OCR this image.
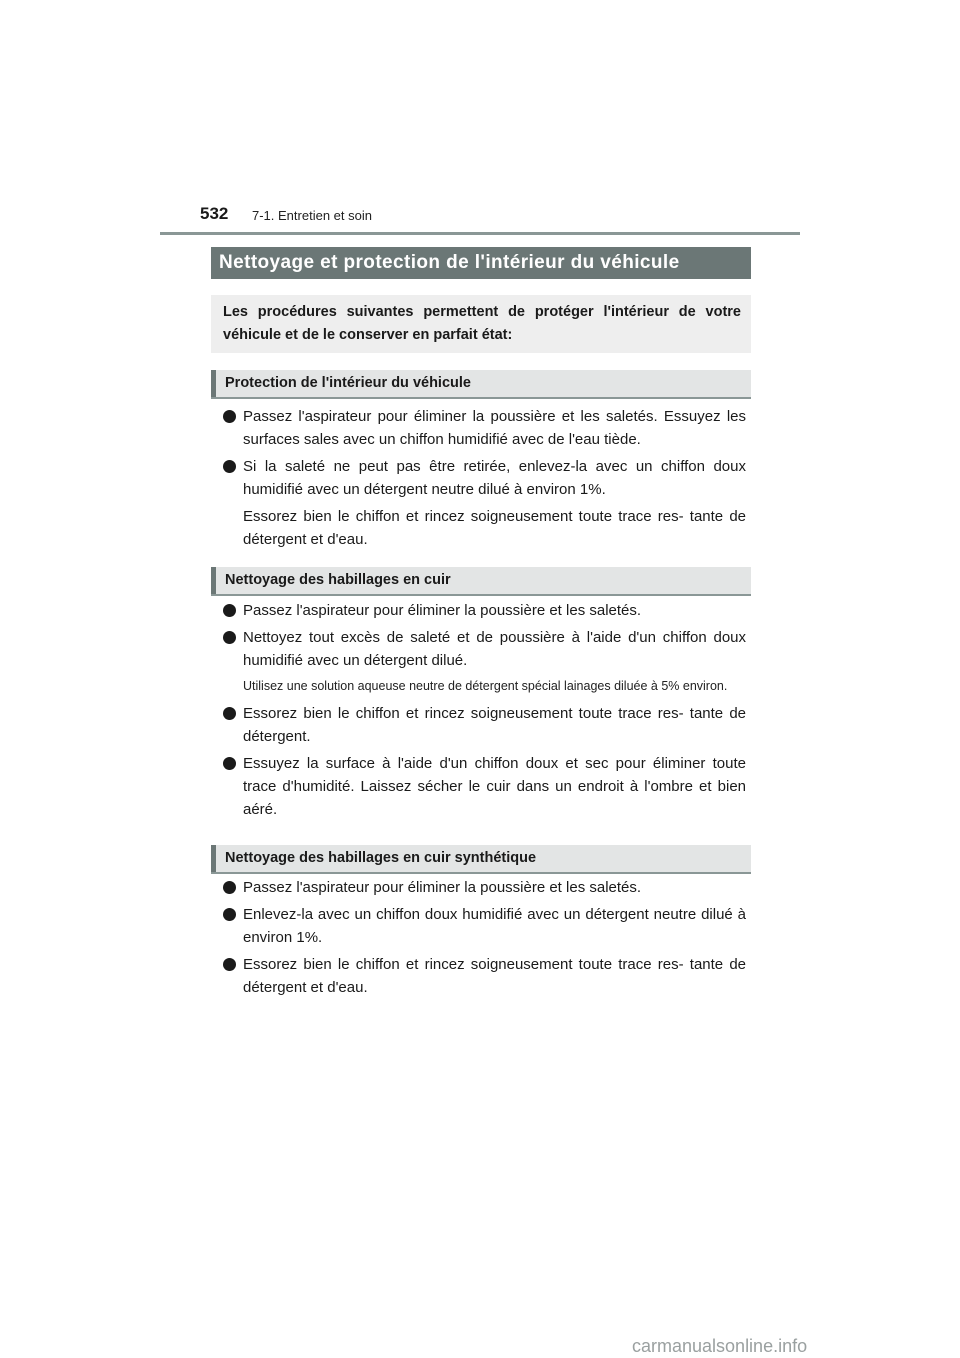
532 7-1. Entretien et soin
Nettoyage et protection de l'intérieur du véhicule
Les procédures suivantes permettent de protéger l'intérieur de votre véhicule et de le conserver en parfait état:
Protection de l'intérieur du véhicule
Passez l'aspirateur pour éliminer la poussière et les saletés. Essuyez les surfaces sales avec un chiffon humidifié avec de l'eau tiède.
Si la saleté ne peut pas être retirée, enlevez-la avec un chiffon doux humidifié avec un détergent neutre dilué à environ 1%.
Essorez bien le chiffon et rincez soigneusement toute trace res- tante de détergent et d'eau.
Nettoyage des habillages en cuir
Passez l'aspirateur pour éliminer la poussière et les saletés.
Nettoyez tout excès de saleté et de poussière à l'aide d'un chiffon doux humidifié avec un détergent dilué.
Utilisez une solution aqueuse neutre de détergent spécial lainages diluée à 5% environ.
Essorez bien le chiffon et rincez soigneusement toute trace res- tante de détergent.
Essuyez la surface à l'aide d'un chiffon doux et sec pour éliminer toute trace d'humidité. Laissez sécher le cuir dans un endroit à l'ombre et bien aéré.
Nettoyage des habillages en cuir synthétique
Passez l'aspirateur pour éliminer la poussière et les saletés.
Enlevez-la avec un chiffon doux humidifié avec un détergent neutre dilué à environ 1%.
Essorez bien le chiffon et rincez soigneusement toute trace res- tante de détergent et d'eau.
carmanualsonline.info
